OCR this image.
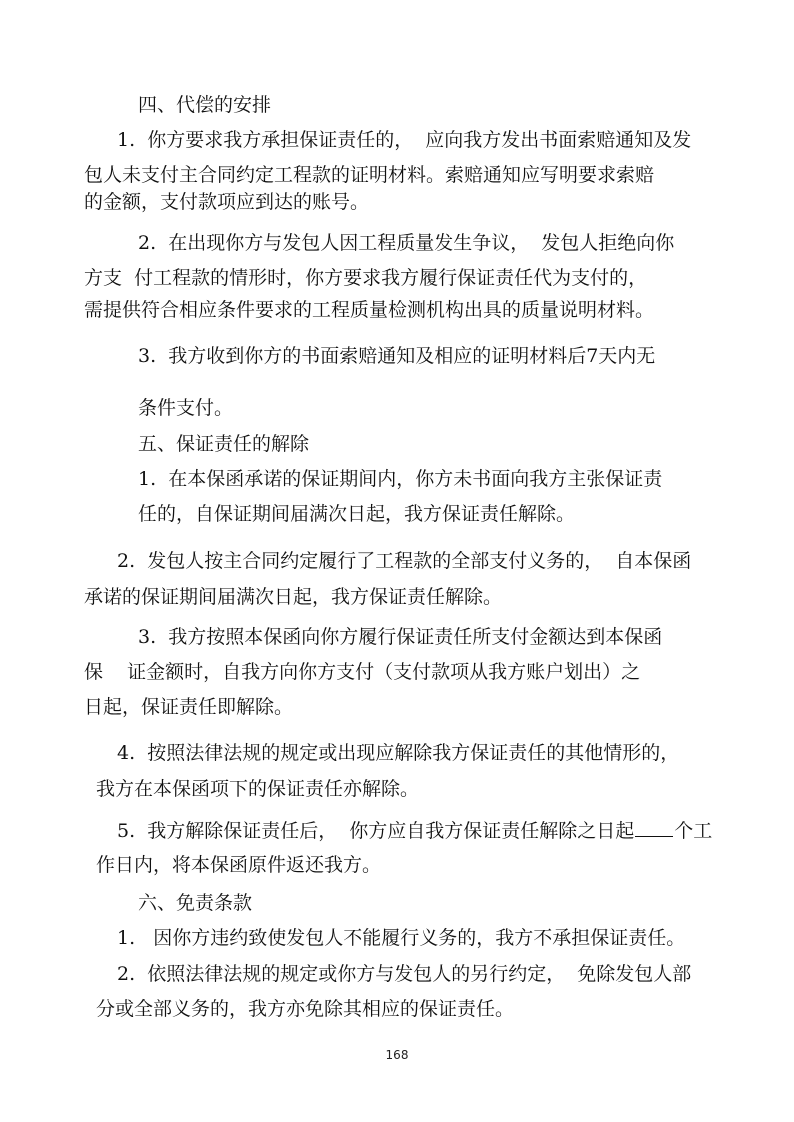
四、代偿的安排
1.  你方要求我方承担保证责任的，  应向我方发出书面索赔通知及发
包人未支付主合同约定工程款的证明材料。索赔通知应写明要求索赔
的金额，支付款项应到达的账号。
2.  在出现你方与发包人因工程质量发生争议，  发包人拒绝向你
方支  付工程款的情形时，你方要求我方履行保证责任代为支付的，
需提供符合相应条件要求的工程质量检测机构出具的质量说明材料。
3.  我方收到你方的书面索赔通知及相应的证明材料后7天内无
条件支付。
五、保证责任的解除
1.  在本保函承诺的保证期间内，你方未书面向我方主张保证责
任的，自保证期间届满次日起，我方保证责任解除。
2.  发包人按主合同约定履行了工程款的全部支付义务的，  自本保函
承诺的保证期间届满次日起，我方保证责任解除。
3.  我方按照本保函向你方履行保证责任所支付金额达到本保函
保    证金额时，自我方向你方支付（支付款项从我方账户划出）之
日起，保证责任即解除。
4.  按照法律法规的规定或出现应解除我方保证责任的其他情形的，
我方在本保函项下的保证责任亦解除。
5.  我方解除保证责任后，  你方应自我方保证责任解除之日起 个工
作日内，将本保函原件返还我方。
六、免责条款
1.   因你方违约致使发包人不能履行义务的，我方不承担保证责任。
2.  依照法律法规的规定或你方与发包人的另行约定，  免除发包人部
分或全部义务的，我方亦免除其相应的保证责任。
168
